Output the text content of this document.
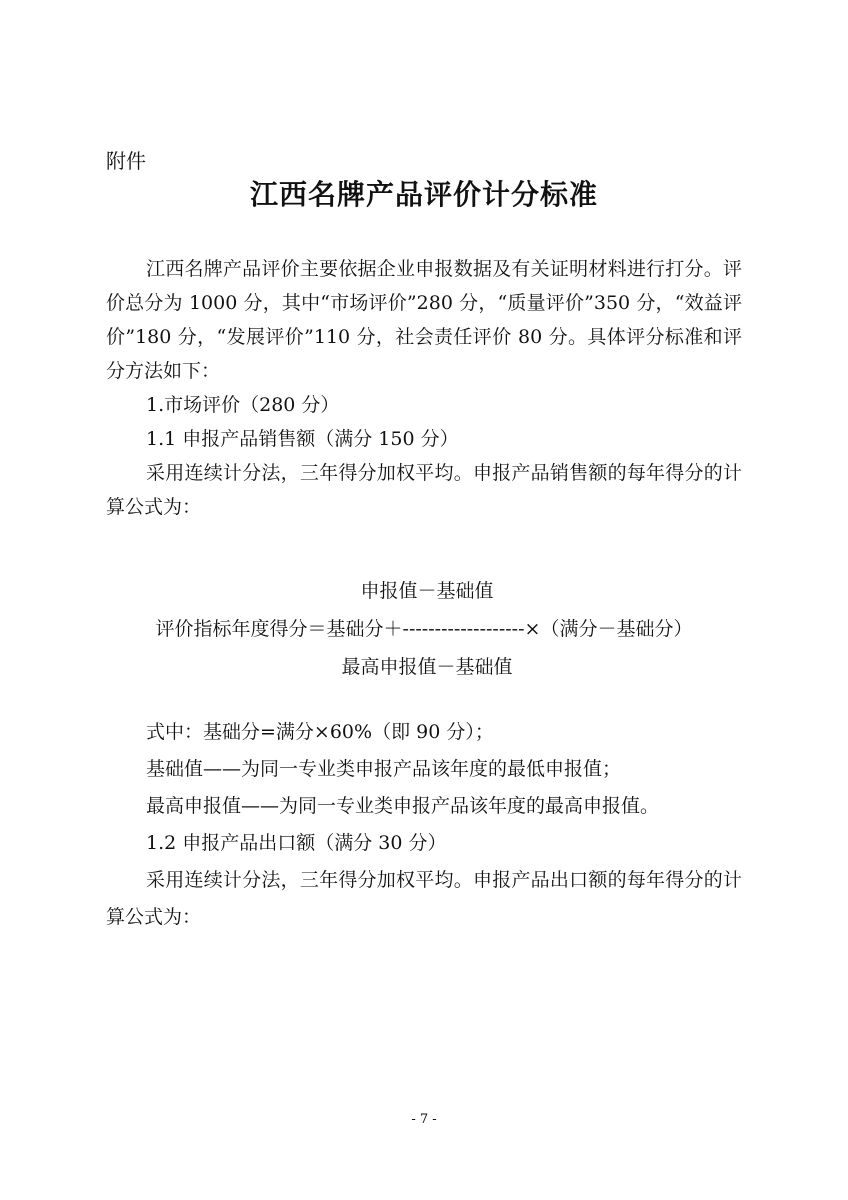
附件
江西名牌产品评价计分标准

江西名牌产品评价主要依据企业申报数据及有关证明材料进行打分。评价总分为 1000 分，其中“市场评价”280 分，“质量评价”350 分，“效益评价”180 分，“发展评价”110 分，社会责任评价 80 分。具体评分标准和评分方法如下：

1.市场评价（280 分）

1.1 申报产品销售额（满分 150 分）

采用连续计分法，三年得分加权平均。申报产品销售额的每年得分的计算公式为：

申报值－基础值
评价指标年度得分＝基础分＋-------------------×（满分－基础分）
最高申报值－基础值

式中：基础分=满分×60%（即 90 分）；

基础值——为同一专业类申报产品该年度的最低申报值；

最高申报值——为同一专业类申报产品该年度的最高申报值。

1.2 申报产品出口额（满分 30 分）

采用连续计分法，三年得分加权平均。申报产品出口额的每年得分的计算公式为：

- 7 -
